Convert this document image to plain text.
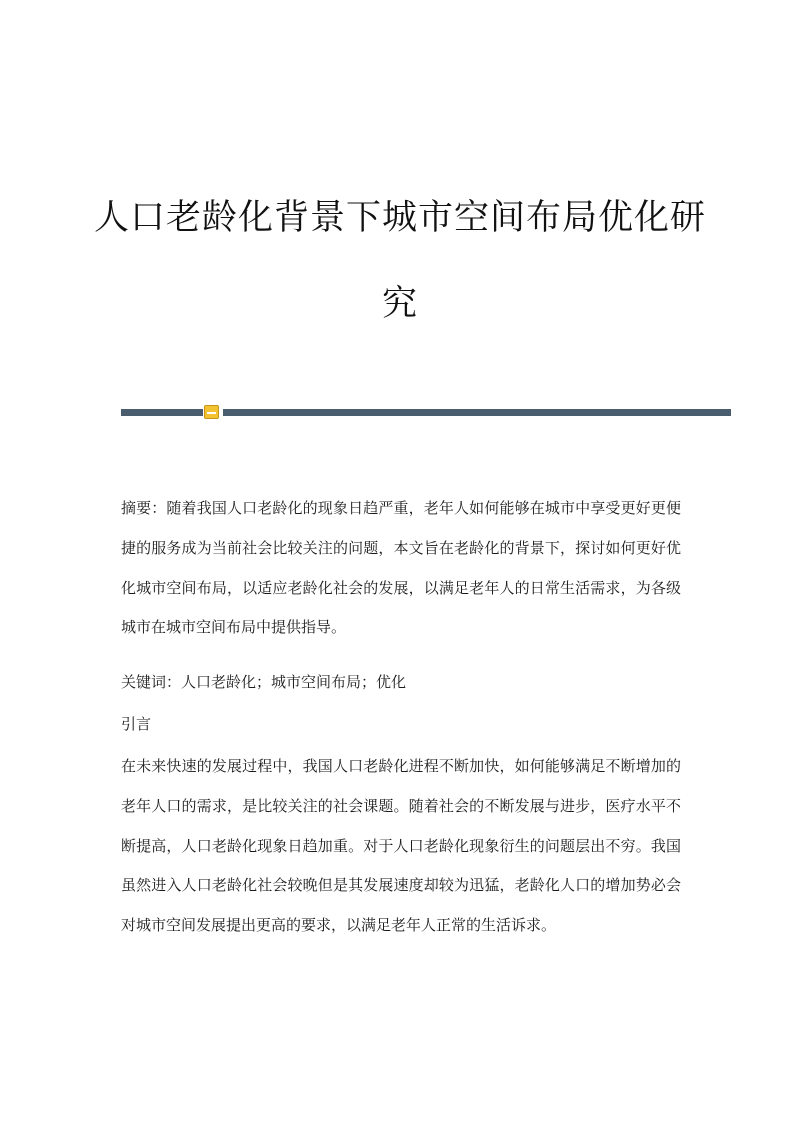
人口老龄化背景下城市空间布局优化研
究

摘要：随着我国人口老龄化的现象日趋严重，老年人如何能够在城市中享受更好更便捷的服务成为当前社会比较关注的问题，本文旨在老龄化的背景下，探讨如何更好优化城市空间布局，以适应老龄化社会的发展，以满足老年人的日常生活需求，为各级城市在城市空间布局中提供指导。

关键词：人口老龄化；城市空间布局；优化

引言

在未来快速的发展过程中，我国人口老龄化进程不断加快，如何能够满足不断增加的老年人口的需求，是比较关注的社会课题。随着社会的不断发展与进步，医疗水平不断提高，人口老龄化现象日趋加重。对于人口老龄化现象衍生的问题层出不穷。我国虽然进入人口老龄化社会较晚但是其发展速度却较为迅猛，老龄化人口的增加势必会对城市空间发展提出更高的要求，以满足老年人正常的生活诉求。
